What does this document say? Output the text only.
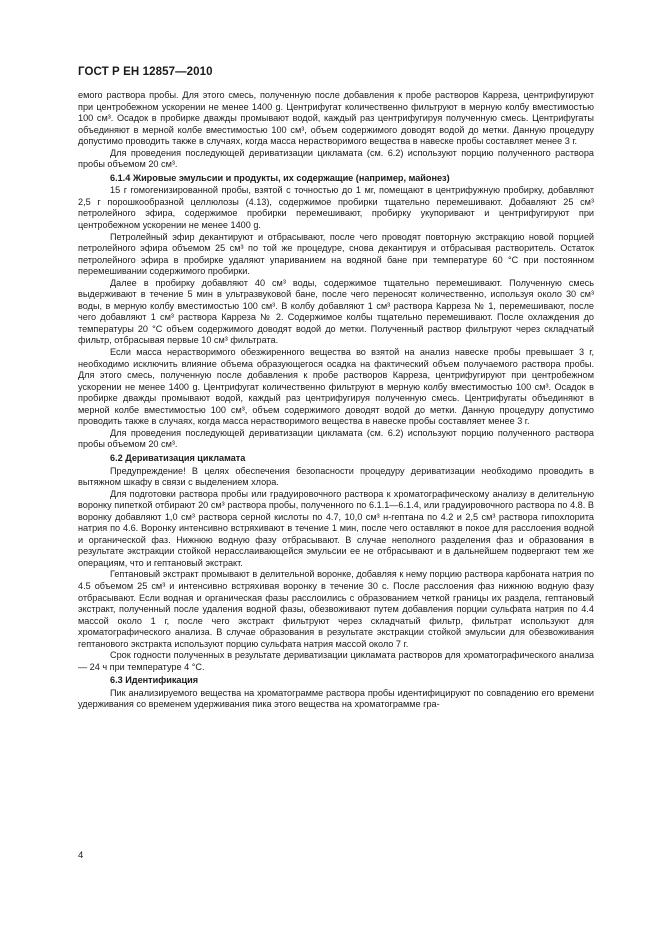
ГОСТ Р ЕН 12857—2010

емого раствора пробы. Для этого смесь, полученную после добавления к пробе растворов Карреза, центрифугируют при центробежном ускорении не менее 1400 g. Центрифугат количественно фильтруют в мерную колбу вместимостью 100 см³. Осадок в пробирке дважды промывают водой, каждый раз центрифугируя полученную смесь. Центрифугаты объединяют в мерной колбе вместимостью 100 см³, объем содержимого доводят водой до метки. Данную процедуру допустимо проводить также в случаях, когда масса нерастворимого вещества в навеске пробы составляет менее 3 г.

Для проведения последующей дериватизации цикламата (см. 6.2) используют порцию полученного раствора пробы объемом 20 см³.

6.1.4 Жировые эмульсии и продукты, их содержащие (например, майонез)

15 г гомогенизированной пробы, взятой с точностью до 1 мг, помещают в центрифужную пробирку, добавляют 2,5 г порошкообразной целлюлозы (4.13), содержимое пробирки тщательно перемешивают. Добавляют 25 см³ петролейного эфира, содержимое пробирки перемешивают, пробирку укупоривают и центрифугируют при центробежном ускорении не менее 1400 g.

Петролейный эфир декантируют и отбрасывают, после чего проводят повторную экстракцию новой порцией петролейного эфира объемом 25 см³ по той же процедуре, снова декантируя и отбрасывая растворитель. Остаток петролейного эфира в пробирке удаляют упариванием на водяной бане при температуре 60 °С при постоянном перемешивании содержимого пробирки.

Далее в пробирку добавляют 40 см³ воды, содержимое тщательно перемешивают. Полученную смесь выдерживают в течение 5 мин в ультразвуковой бане, после чего переносят количественно, используя около 30 см³ воды, в мерную колбу вместимостью 100 см³. В колбу добавляют 1 см³ раствора Карреза № 1, перемешивают, после чего добавляют 1 см³ раствора Карреза № 2. Содержимое колбы тщательно перемешивают. После охлаждения до температуры 20 °С объем содержимого доводят водой до метки. Полученный раствор фильтруют через складчатый фильтр, отбрасывая первые 10 см³ фильтрата.

Если масса нерастворимого обезжиренного вещества во взятой на анализ навеске пробы превышает 3 г, необходимо исключить влияние объема образующегося осадка на фактический объем получаемого раствора пробы. Для этого смесь, полученную после добавления к пробе растворов Карреза, центрифугируют при центробежном ускорении не менее 1400 g. Центрифугат количественно фильтруют в мерную колбу вместимостью 100 см³. Осадок в пробирке дважды промывают водой, каждый раз центрифугируя полученную смесь. Центрифугаты объединяют в мерной колбе вместимостью 100 см³, объем содержимого доводят водой до метки. Данную процедуру допустимо проводить также в случаях, когда масса нерастворимого вещества в навеске пробы составляет менее 3 г.

Для проведения последующей дериватизации цикламата (см. 6.2) используют порцию полученного раствора пробы объемом 20 см³.

6.2 Дериватизация цикламата

Предупреждение! В целях обеспечения безопасности процедуру дериватизации необходимо проводить в вытяжном шкафу в связи с выделением хлора.

Для подготовки раствора пробы или градуировочного раствора к хроматографическому анализу в делительную воронку пипеткой отбирают 20 см³ раствора пробы, полученного по 6.1.1—6.1.4, или градуировочного раствора по 4.8. В воронку добавляют 1,0 см³ раствора серной кислоты по 4.7, 10,0 см³ н-гептана по 4.2 и 2,5 см³ раствора гипохлорита натрия по 4.6. Воронку интенсивно встряхивают в течение 1 мин, после чего оставляют в покое для расслоения водной и органической фаз. Нижнюю водную фазу отбрасывают. В случае неполного разделения фаз и образования в результате экстракции стойкой нерасслаивающейся эмульсии ее не отбрасывают и в дальнейшем подвергают тем же операциям, что и гептановый экстракт.

Гептановый экстракт промывают в делительной воронке, добавляя к нему порцию раствора карбоната натрия по 4.5 объемом 25 см³ и интенсивно встряхивая воронку в течение 30 с. После расслоения фаз нижнюю водную фазу отбрасывают. Если водная и органическая фазы расслоились с образованием четкой границы их раздела, гептановый экстракт, полученный после удаления водной фазы, обезвоживают путем добавления порции сульфата натрия по 4.4 массой около 1 г, после чего экстракт фильтруют через складчатый фильтр, фильтрат используют для хроматографического анализа. В случае образования в результате экстракции стойкой эмульсии для обезвоживания гептанового экстракта используют порцию сульфата натрия массой около 7 г.

Срок годности полученных в результате дериватизации цикламата растворов для хроматографического анализа — 24 ч при температуре 4 °С.

6.3 Идентификация

Пик анализируемого вещества на хроматограмме раствора пробы идентифицируют по совпадению его времени удерживания со временем удерживания пика этого вещества на хроматограмме гра-

4
